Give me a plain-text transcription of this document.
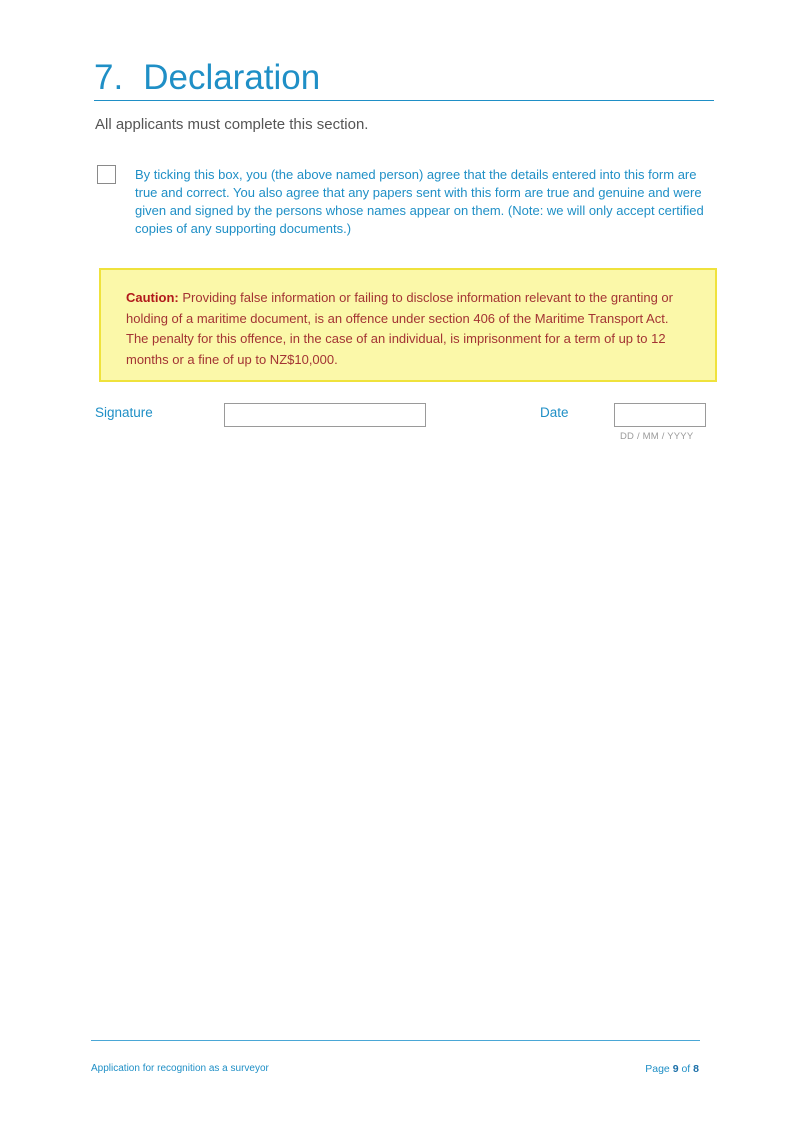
7. Declaration
All applicants must complete this section.
By ticking this box, you (the above named person) agree that the details entered into this form are true and correct. You also agree that any papers sent with this form are true and genuine and were given and signed by the persons whose names appear on them. (Note: we will only accept certified copies of any supporting documents.)
Caution: Providing false information or failing to disclose information relevant to the granting or holding of a maritime document, is an offence under section 406 of the Maritime Transport Act. The penalty for this offence, in the case of an individual, is imprisonment for a term of up to 12 months or a fine of up to NZ$10,000.
Signature	Date
DD / MM / YYYY
Application for recognition as a surveyor	Page 9 of 8
